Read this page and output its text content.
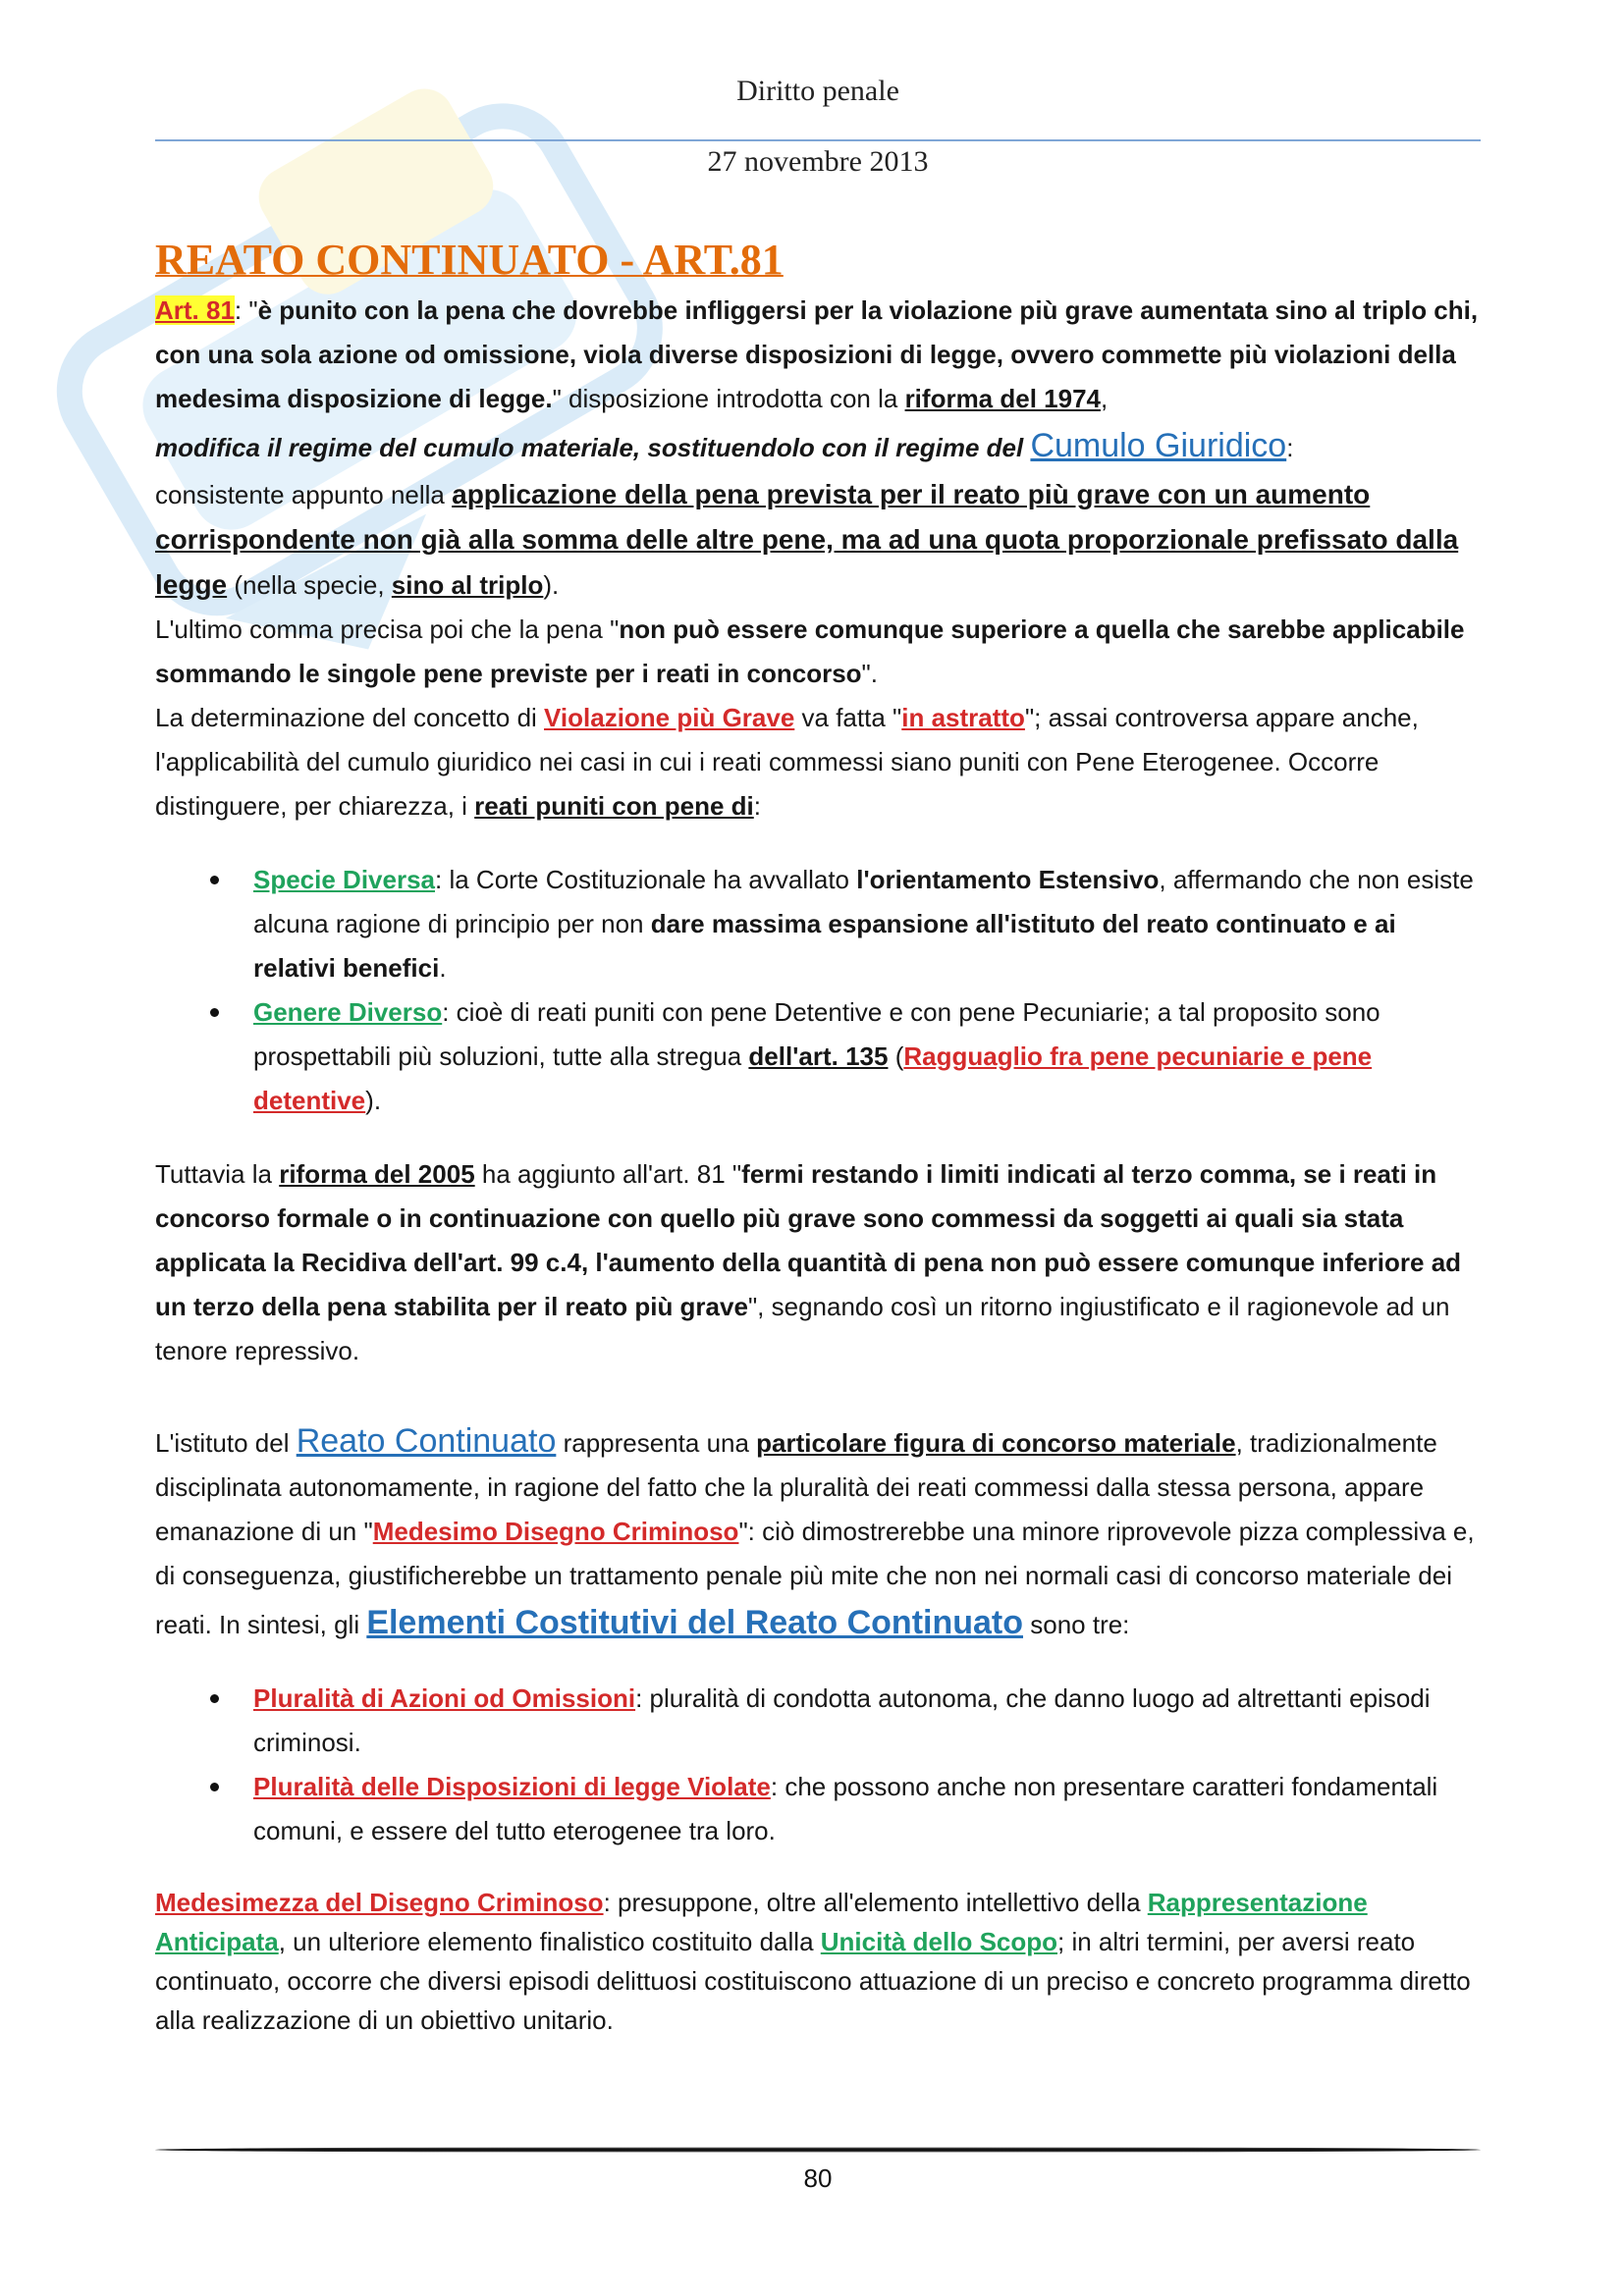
Diritto penale
27 novembre 2013
REATO CONTINUATO - ART.81

Art. 81: "è punito con la pena che dovrebbe infliggersi per la violazione più grave aumentata sino al triplo chi, con una sola azione od omissione, viola diverse disposizioni di legge, ovvero commette più violazioni della medesima disposizione di legge." disposizione introdotta con la riforma del 1974,
modifica il regime del cumulo materiale, sostituendolo con il regime del Cumulo Giuridico:
consistente appunto nella applicazione della pena prevista per il reato più grave con un aumento corrispondente non già alla somma delle altre pene, ma ad una quota proporzionale prefissato dalla legge (nella specie, sino al triplo).

L'ultimo comma precisa poi che la pena "non può essere comunque superiore a quella che sarebbe applicabile sommando le singole pene previste per i reati in concorso".

La determinazione del concetto di Violazione più Grave va fatta "in astratto"; assai controversa appare anche, l'applicabilità del cumulo giuridico nei casi in cui i reati commessi siano puniti con Pene Eterogenee. Occorre distinguere, per chiarezza, i reati puniti con pene di:

Specie Diversa: la Corte Costituzionale ha avvallato l'orientamento Estensivo, affermando che non esiste alcuna ragione di principio per non dare massima espansione all'istituto del reato continuato e ai relativi benefici.
Genere Diverso: cioè di reati puniti con pene Detentive e con pene Pecuniarie; a tal proposito sono prospettabili più soluzioni, tutte alla stregua dell'art. 135 (Ragguaglio fra pene pecuniarie e pene detentive).

Tuttavia la riforma del 2005 ha aggiunto all'art. 81 "fermi restando i limiti indicati al terzo comma, se i reati in concorso formale o in continuazione con quello più grave sono commessi da soggetti ai quali sia stata applicata la Recidiva dell'art. 99 c.4, l'aumento della quantità di pena non può essere comunque inferiore ad un terzo della pena stabilita per il reato più grave", segnando così un ritorno ingiustificato e il ragionevole ad un tenore repressivo.

L'istituto del Reato Continuato rappresenta una particolare figura di concorso materiale, tradizionalmente disciplinata autonomamente, in ragione del fatto che la pluralità dei reati commessi dalla stessa persona, appare emanazione di un "Medesimo Disegno Criminoso": ciò dimostrerebbe una minore riprovevole pizza complessiva e, di conseguenza, giustificherebbe un trattamento penale più mite che non nei normali casi di concorso materiale dei reati. In sintesi, gli Elementi Costitutivi del Reato Continuato sono tre:

Pluralità di Azioni od Omissioni: pluralità di condotta autonoma, che danno luogo ad altrettanti episodi criminosi.
Pluralità delle Disposizioni di legge Violate: che possono anche non presentare caratteri fondamentali comuni, e essere del tutto eterogenee tra loro.

Medesimezza del Disegno Criminoso: presuppone, oltre all'elemento intellettivo della Rappresentazione Anticipata, un ulteriore elemento finalistico costituito dalla Unicità dello Scopo; in altri termini, per aversi reato continuato, occorre che diversi episodi delittuosi costituiscono attuazione di un preciso e concreto programma diretto alla realizzazione di un obiettivo unitario.

80
